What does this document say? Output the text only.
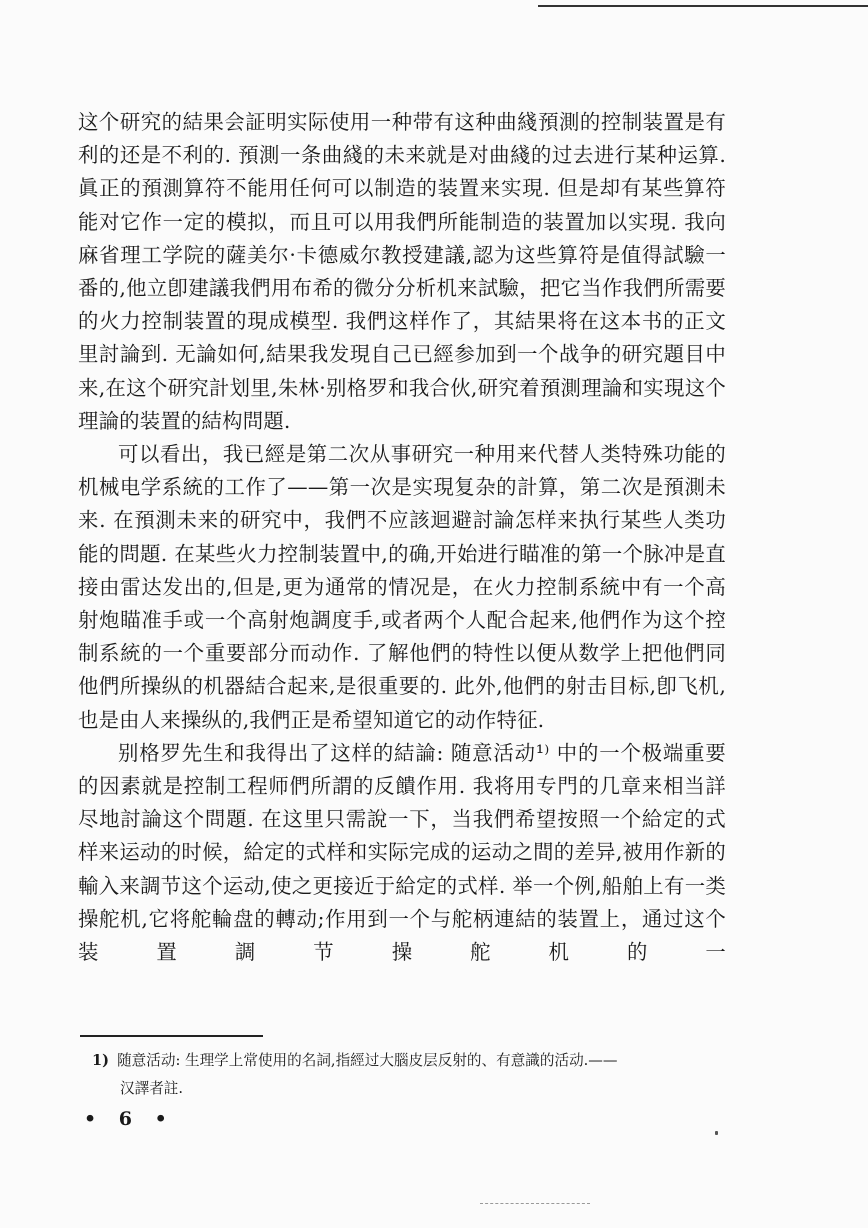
这个研究的結果会証明实际使用一种带有这种曲綫預測的控制装置是有利的还是不利的. 預測一条曲綫的未来就是对曲綫的过去进行某种运算. 眞正的預測算符不能用任何可以制造的装置来实現. 但是却有某些算符能对它作一定的模拟，而且可以用我們所能制造的装置加以实現. 我向麻省理工学院的薩美尔·卡德威尔教授建議,認为这些算符是值得試驗一番的,他立卽建議我們用布希的微分分析机来試驗，把它当作我們所需要的火力控制装置的現成模型. 我們这样作了，其結果将在这本书的正文里討論到. 无論如何,結果我发現自己已經参加到一个战争的研究題目中来,在这个研究計划里,朱林·别格罗和我合伙,研究着預測理論和实現这个理論的装置的結构問題.

可以看出，我已經是第二次从事研究一种用来代替人类特殊功能的机械电学系統的工作了——第一次是实現复杂的計算，第二次是預測未来. 在預測未来的研究中，我們不应該迴避討論怎样来执行某些人类功能的問題. 在某些火力控制装置中,的确,开始进行瞄准的第一个脉冲是直接由雷达发出的,但是,更为通常的情况是，在火力控制系統中有一个高射炮瞄准手或一个高射炮調度手,或者两个人配合起来,他們作为这个控制系統的一个重要部分而动作. 了解他們的特性以便从数学上把他們同他們所操纵的机器結合起来,是很重要的. 此外,他們的射击目标,卽飞机,也是由人来操纵的,我們正是希望知道它的动作特征.

别格罗先生和我得出了这样的結論: 随意活动¹⁾ 中的一个极端重要的因素就是控制工程师們所謂的反饋作用. 我将用专門的几章来相当詳尽地討論这个問題. 在这里只需說一下，当我們希望按照一个給定的式样来运动的时候，給定的式样和实际完成的运动之間的差异,被用作新的輸入来調节这个运动,使之更接近于給定的式样. 举一个例,船舶上有一类操舵机,它将舵輪盘的轉动;作用到一个与舵柄連結的装置上，通过这个装置調节操舵机的一

1) 随意活动: 生理学上常使用的名詞,指經过大腦皮层反射的、有意識的活动.——
汉譯者註.
• 6 •
